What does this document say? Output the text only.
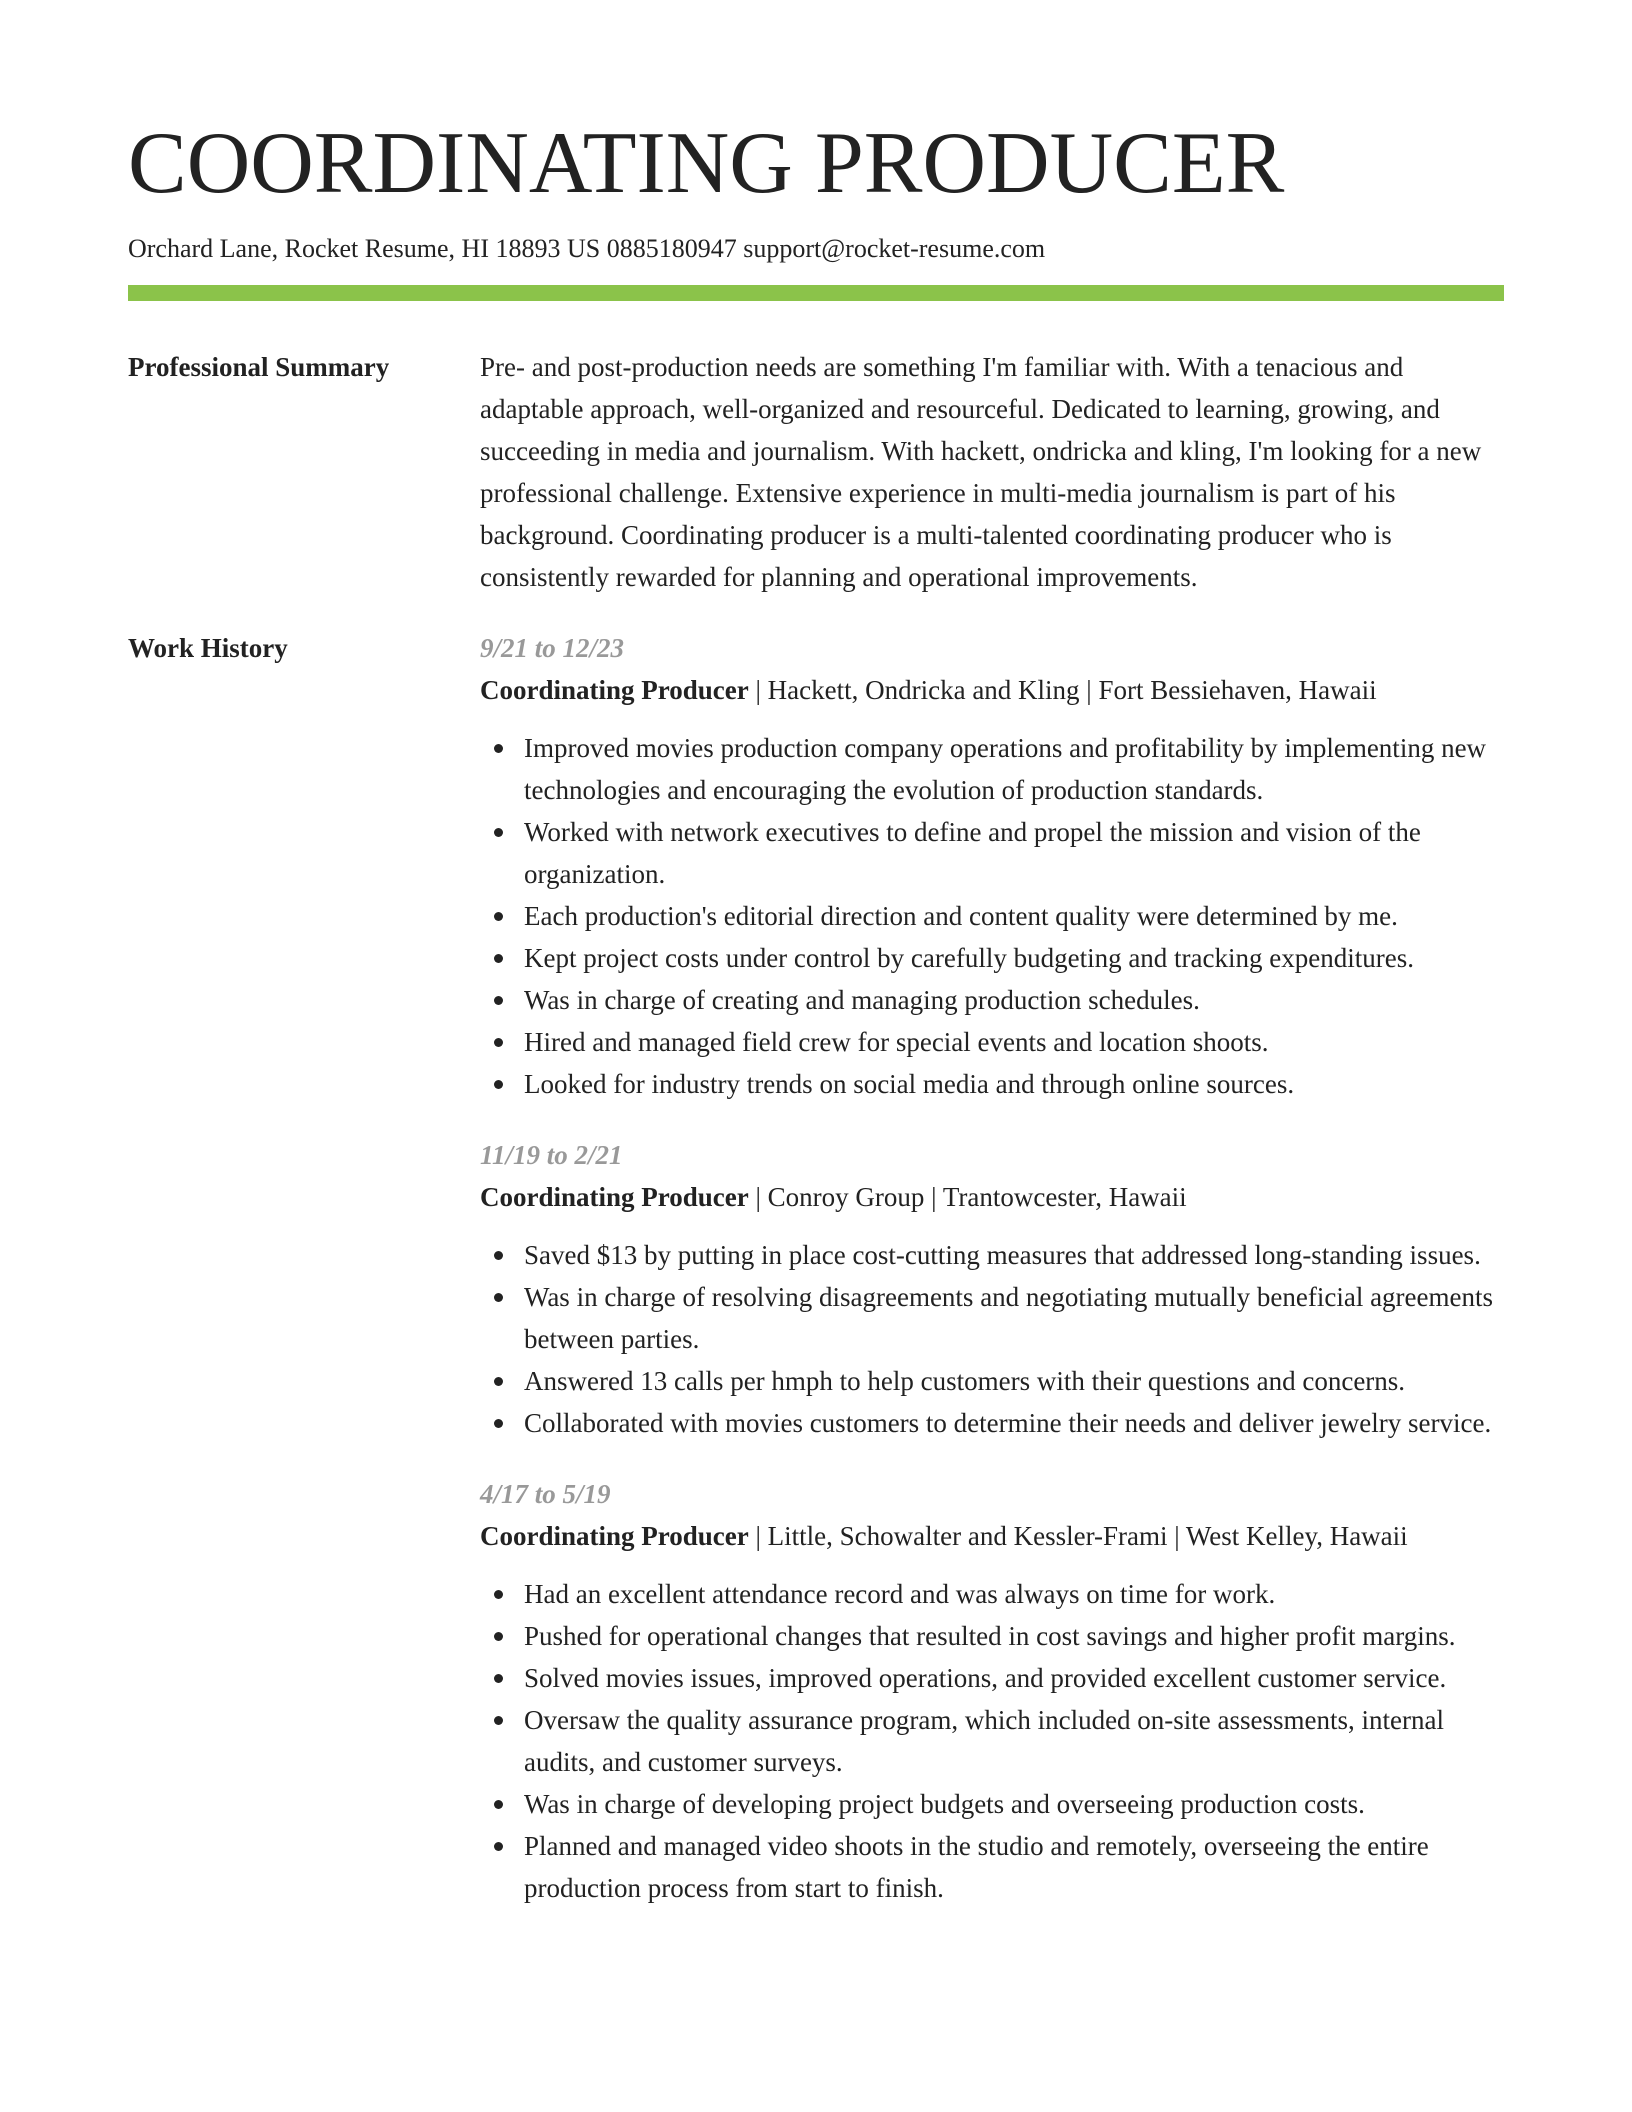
COORDINATING PRODUCER
Orchard Lane, Rocket Resume, HI 18893 US 0885180947 support@rocket-resume.com
Professional Summary	Pre- and post-production needs are something I'm familiar with. With a tenacious and adaptable approach, well-organized and resourceful. Dedicated to learning, growing, and succeeding in media and journalism. With hackett, ondricka and kling, I'm looking for a new professional challenge. Extensive experience in multi-media journalism is part of his background. Coordinating producer is a multi-talented coordinating producer who is consistently rewarded for planning and operational improvements.

Work History	9/21 to 12/23

Coordinating Producer | Hackett, Ondricka and Kling | Fort Bessiehaven, Hawaii

Improved movies production company operations and profitability by implementing new technologies and encouraging the evolution of production standards.
Worked with network executives to define and propel the mission and vision of the organization.
Each production's editorial direction and content quality were determined by me.
Kept project costs under control by carefully budgeting and tracking expenditures.
Was in charge of creating and managing production schedules.
Hired and managed field crew for special events and location shoots.
Looked for industry trends on social media and through online sources.

11/19 to 2/21

Coordinating Producer | Conroy Group | Trantowcester, Hawaii

Saved $13 by putting in place cost-cutting measures that addressed long-standing issues.
Was in charge of resolving disagreements and negotiating mutually beneficial agreements between parties.
Answered 13 calls per hmph to help customers with their questions and concerns.
Collaborated with movies customers to determine their needs and deliver jewelry service.

4/17 to 5/19

Coordinating Producer | Little, Schowalter and Kessler-Frami | West Kelley, Hawaii

Had an excellent attendance record and was always on time for work.
Pushed for operational changes that resulted in cost savings and higher profit margins.
Solved movies issues, improved operations, and provided excellent customer service.
Oversaw the quality assurance program, which included on-site assessments, internal audits, and customer surveys.
Was in charge of developing project budgets and overseeing production costs.
Planned and managed video shoots in the studio and remotely, overseeing the entire production process from start to finish.
